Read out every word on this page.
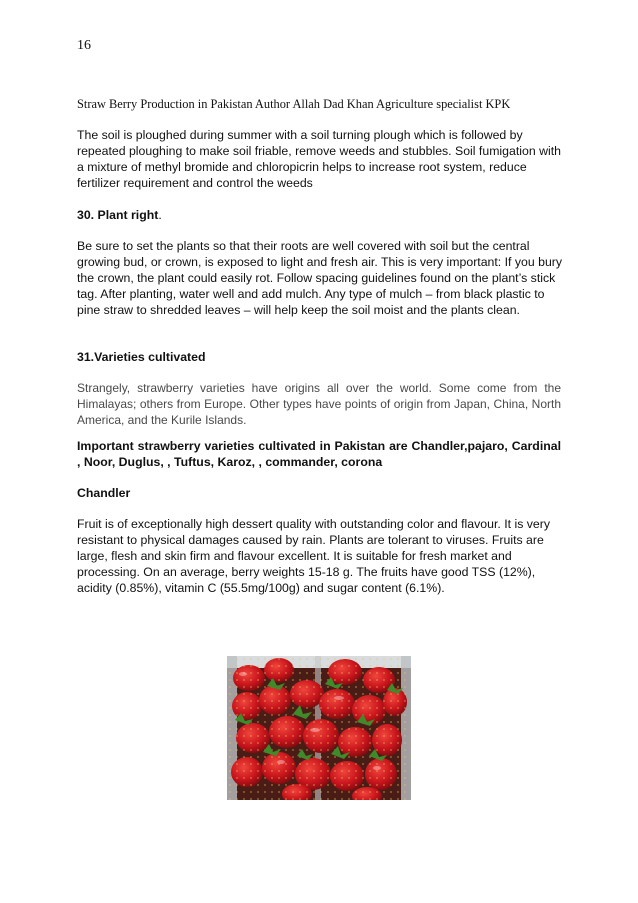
16
Straw Berry Production in Pakistan Author Allah Dad Khan Agriculture specialist KPK
The soil is ploughed during summer with a soil turning plough which is followed by repeated ploughing to make soil friable, remove weeds and stubbles. Soil fumigation with a mixture of methyl bromide and chloropicrin helps to increase root system, reduce fertilizer requirement and control the weeds
30. Plant right.
Be sure to set the plants so that their roots are well covered with soil but the central growing bud, or crown, is exposed to light and fresh air. This is very important: If you bury the crown, the plant could easily rot. Follow spacing guidelines found on the plant’s stick tag. After planting, water well and add mulch. Any type of mulch – from black plastic to pine straw to shredded leaves – will help keep the soil moist and the plants clean.
31.Varieties cultivated
Strangely, strawberry varieties have origins all over the world. Some come from the Himalayas; others from Europe. Other types have points of origin from Japan, China, North America, and the Kurile Islands.
Important strawberry varieties cultivated in Pakistan are Chandler,pajaro, Cardinal , Noor, Duglus, , Tuftus, Karoz, , commander, corona
Chandler
Fruit is of exceptionally high dessert quality with outstanding color and flavour. It is very resistant to physical damages caused by rain. Plants are tolerant to viruses. Fruits are large, flesh and skin firm and flavour excellent. It is suitable for fresh market and processing. On an average, berry weights 15-18 g. The fruits have good TSS (12%), acidity (0.85%), vitamin C (55.5mg/100g) and sugar content (6.1%).
